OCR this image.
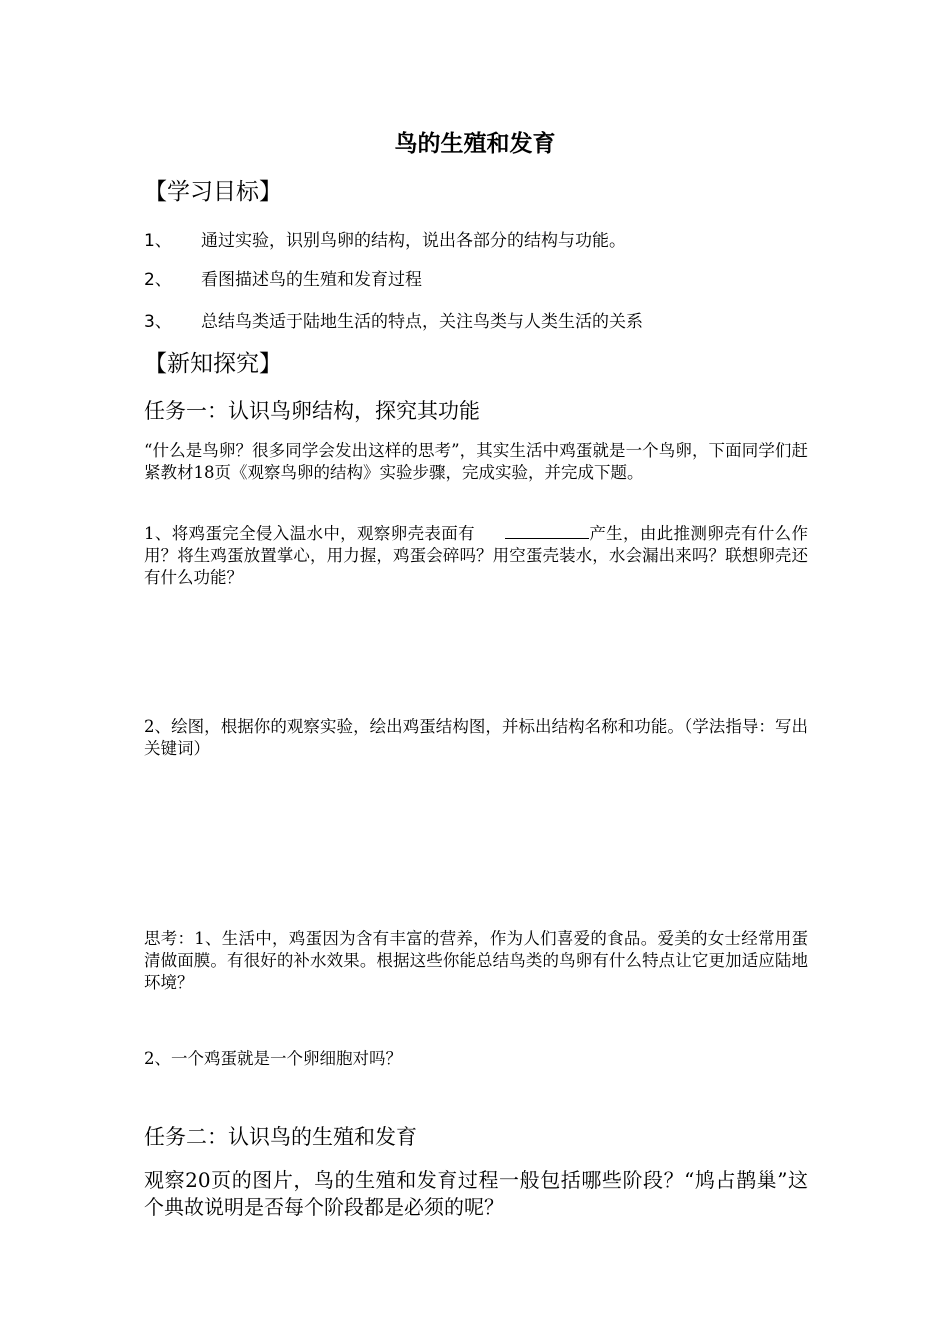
鸟的生殖和发育
【学习目标】
1、 通过实验，识别鸟卵的结构，说出各部分的结构与功能。
2、 看图描述鸟的生殖和发育过程
3、 总结鸟类适于陆地生活的特点，关注鸟类与人类生活的关系
【新知探究】
任务一：认识鸟卵结构，探究其功能
“什么是鸟卵？很多同学会发出这样的思考”，其实生活中鸡蛋就是一个鸟卵，下面同学们赶紧教材18页《观察鸟卵的结构》实验步骤，完成实验，并完成下题。
1、将鸡蛋完全侵入温水中，观察卵壳表面有	产生，由此推测卵壳有什么作用？将生鸡蛋放置掌心，用力握，鸡蛋会碎吗？用空蛋壳装水，水会漏出来吗？联想卵壳还有什么功能？
2、绘图，根据你的观察实验，绘出鸡蛋结构图，并标出结构名称和功能。（学法指导：写出关键词）
思考：1、生活中，鸡蛋因为含有丰富的营养，作为人们喜爱的食品。爱美的女士经常用蛋清做面膜。有很好的补水效果。根据这些你能总结鸟类的鸟卵有什么特点让它更加适应陆地环境？
2、一个鸡蛋就是一个卵细胞对吗？
任务二：认识鸟的生殖和发育
观察20页的图片，鸟的生殖和发育过程一般包括哪些阶段？“鸠占鹊巢”这个典故说明是否每个阶段都是必须的呢？
